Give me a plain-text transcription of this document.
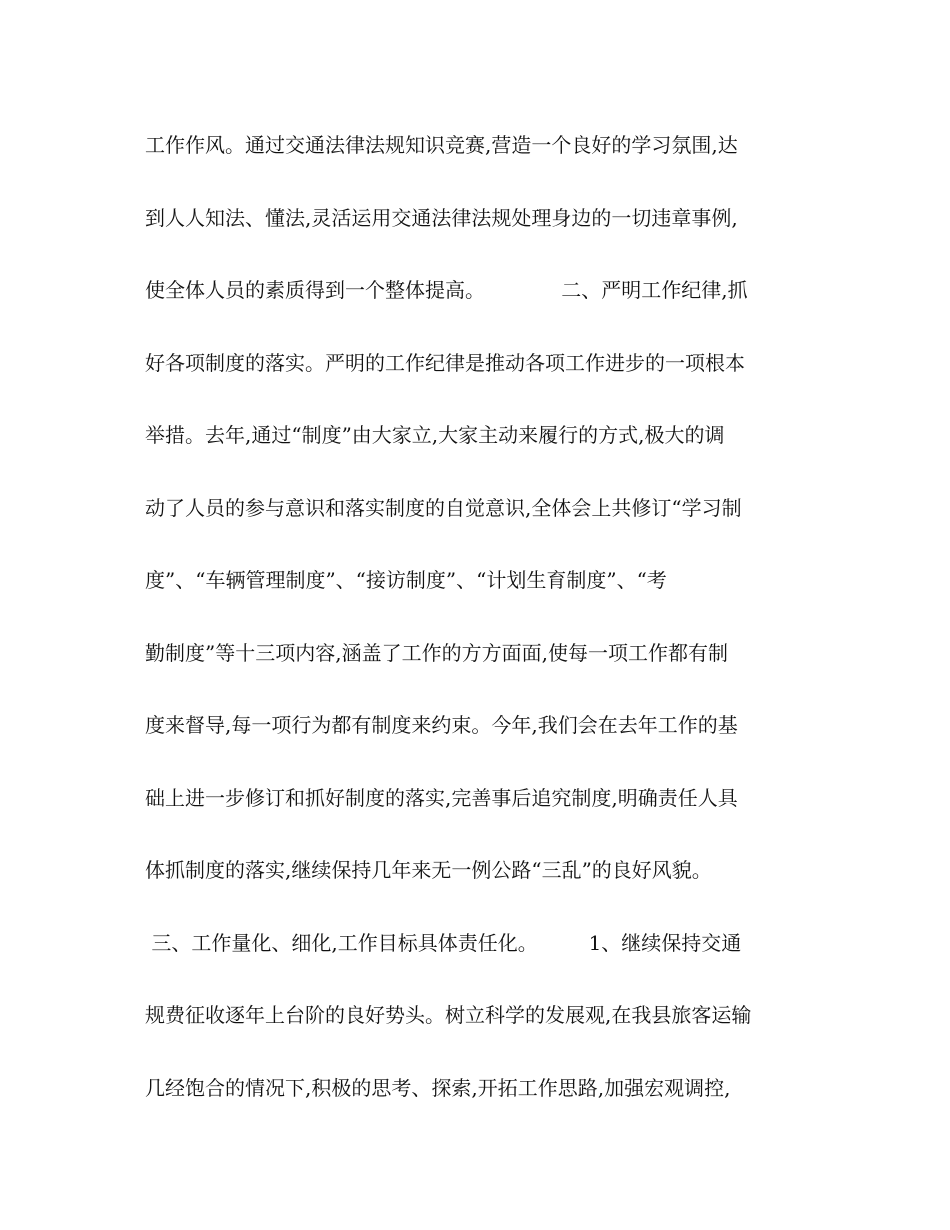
工作作风。通过交通法律法规知识竞赛,营造一个良好的学习氛围,达
到人人知法、懂法,灵活运用交通法律法规处理身边的一切违章事例,
使全体人员的素质得到一个整体提高。            二、严明工作纪律,抓
好各项制度的落实。严明的工作纪律是推动各项工作进步的一项根本
举措。去年,通过“制度”由大家立,大家主动来履行的方式,极大的调
动了人员的参与意识和落实制度的自觉意识,全体会上共修订“学习制
度”、“车辆管理制度”、“接访制度”、“计划生育制度”、“考
勤制度”等十三项内容,涵盖了工作的方方面面,使每一项工作都有制
度来督导,每一项行为都有制度来约束。今年,我们会在去年工作的基
础上进一步修订和抓好制度的落实,完善事后追究制度,明确责任人具
体抓制度的落实,继续保持几年来无一例公路“三乱”的良好风貌。
三、工作量化、细化,工作目标具体责任化。        1、继续保持交通
规费征收逐年上台阶的良好势头。树立科学的发展观,在我县旅客运输
几经饱合的情况下,积极的思考、探索,开拓工作思路,加强宏观调控,
